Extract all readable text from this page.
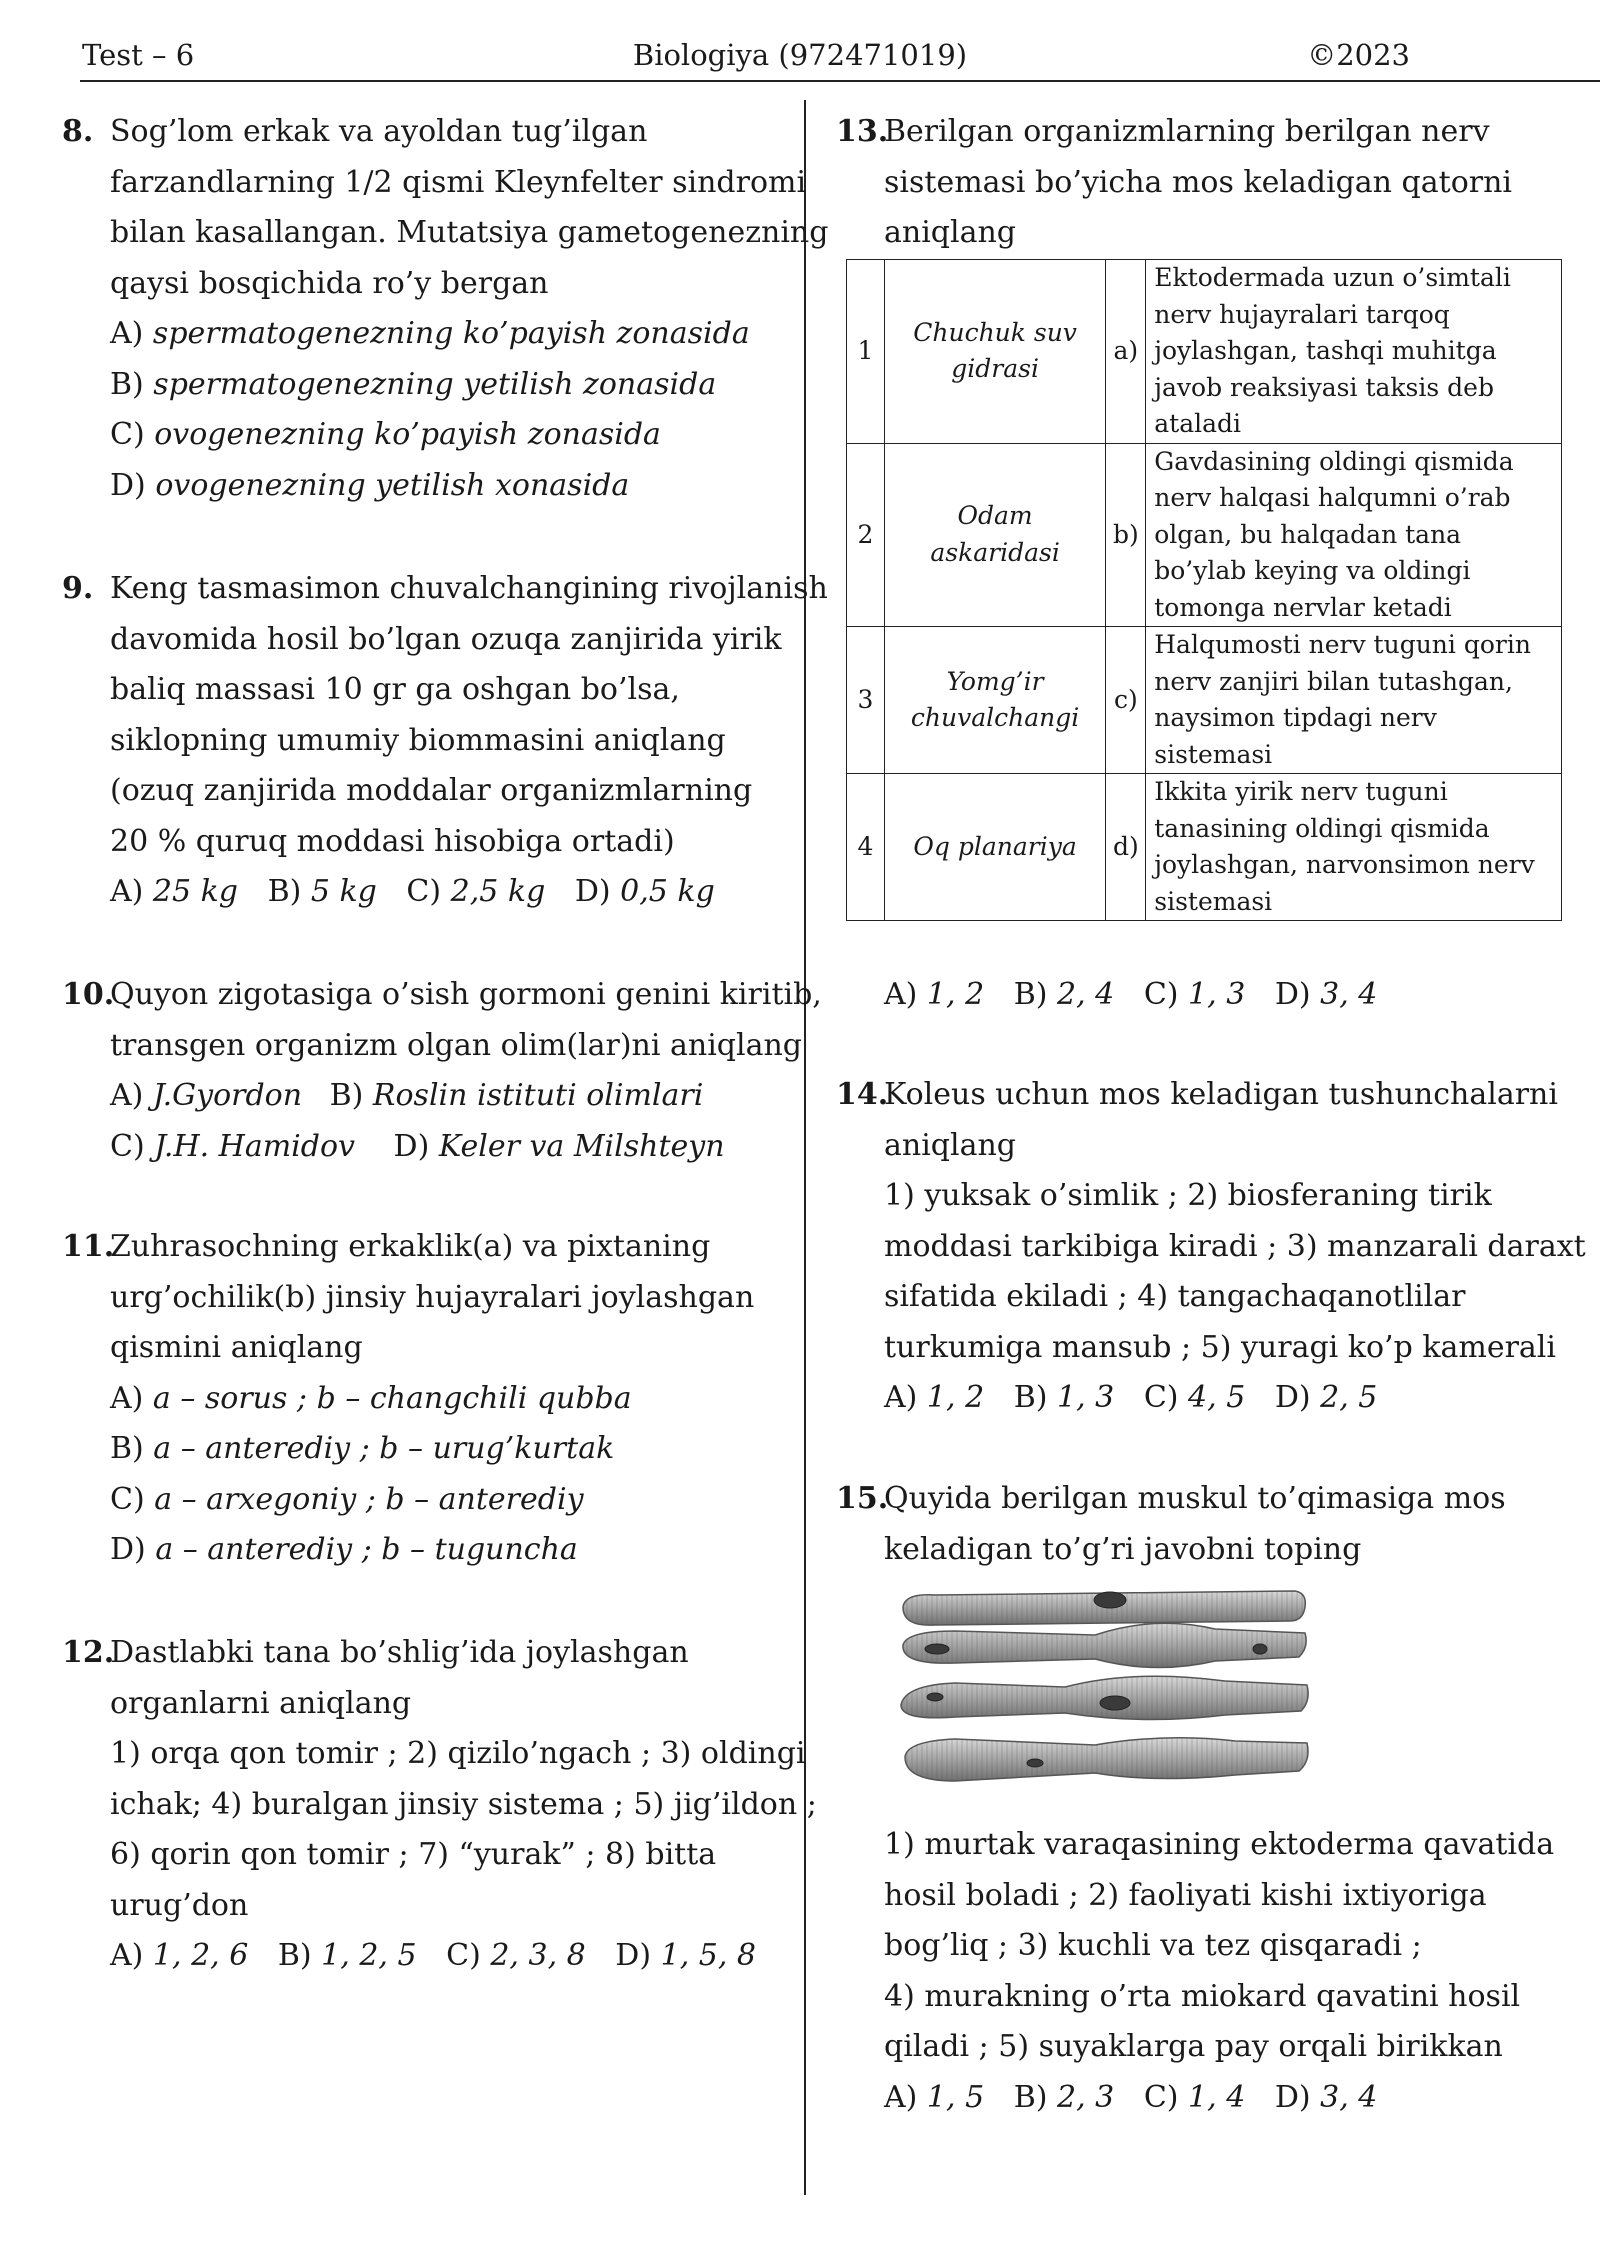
Test – 6	Biologiya (972471019)	©2023
8. Sog’lom erkak va ayoldan tug’ilgan
farzandlarning 1/2 qismi Kleynfelter sindromi
bilan kasallangan. Mutatsiya gametogenezning
qaysi bosqichida ro’y bergan
A) spermatogenezning ko’payish zonasida
B) spermatogenezning yetilish zonasida
C) ovogenezning ko’payish zonasida
D) ovogenezning yetilish xonasida
9. Keng tasmasimon chuvalchangining rivojlanish
davomida hosil bo’lgan ozuqa zanjirida yirik
baliq massasi 10 gr ga oshgan bo’lsa,
siklopning umumiy biommasini aniqlang
(ozuq zanjirida moddalar organizmlarning
20 % quruq moddasi hisobiga ortadi)
A) 25 kg B) 5 kg C) 2,5 kg D) 0,5 kg
10.Quyon zigotasiga o’sish gormoni genini kiritib,
transgen organizm olgan olim(lar)ni aniqlang
A) J.Gyordon B) Roslin istituti olimlari
C) J.H. Hamidov D) Keler va Milshteyn
11.Zuhrasochning erkaklik(a) va pixtaning
urg’ochilik(b) jinsiy hujayralari joylashgan
qismini aniqlang
A) a – sorus ; b – changchili qubba
B) a – anterediy ; b – urug’kurtak
C) a – arxegoniy ; b – anterediy
D) a – anterediy ; b – tuguncha
12.Dastlabki tana bo’shlig’ida joylashgan
organlarni aniqlang
1) orqa qon tomir ; 2) qizilo’ngach ; 3) oldingi
ichak; 4) buralgan jinsiy sistema ; 5) jig’ildon ;
6) qorin qon tomir ; 7) “yurak” ; 8) bitta
urug’don
A) 1, 2, 6 B) 1, 2, 5 C) 2, 3, 8 D) 1, 5, 8
13.Berilgan organizmlarning berilgan nerv
sistemasi bo’yicha mos keladigan qatorni
aniqlang
1	Chuchuk suv
gidrasi	a)	Ektodermada uzun o’simtali
nerv hujayralari tarqoq
joylashgan, tashqi muhitga
javob reaksiyasi taksis deb
ataladi
2	Odam
askaridasi	b)	Gavdasining oldingi qismida
nerv halqasi halqumni o’rab
olgan, bu halqadan tana
bo’ylab keying va oldingi
tomonga nervlar ketadi
3	Yomg’ir
chuvalchangi	c)	Halqumosti nerv tuguni qorin
nerv zanjiri bilan tutashgan,
naysimon tipdagi nerv
sistemasi
4	Oq planariya	d)	Ikkita yirik nerv tuguni
tanasining oldingi qismida
joylashgan, narvonsimon nerv
sistemasi
A) 1, 2 B) 2, 4 C) 1, 3 D) 3, 4
14.Koleus uchun mos keladigan tushunchalarni
aniqlang
1) yuksak o’simlik ; 2) biosferaning tirik
moddasi tarkibiga kiradi ; 3) manzarali daraxt
sifatida ekiladi ; 4) tangachaqanotlilar
turkumiga mansub ; 5) yuragi ko’p kamerali
A) 1, 2 B) 1, 3 C) 4, 5 D) 2, 5
15.Quyida berilgan muskul to’qimasiga mos
keladigan to’g’ri javobni toping
1) murtak varaqasining ektoderma qavatida
hosil boladi ; 2) faoliyati kishi ixtiyoriga
bog’liq ; 3) kuchli va tez qisqaradi ;
4) murakning o’rta miokard qavatini hosil
qiladi ; 5) suyaklarga pay orqali birikkan
A) 1, 5 B) 2, 3 C) 1, 4 D) 3, 4
